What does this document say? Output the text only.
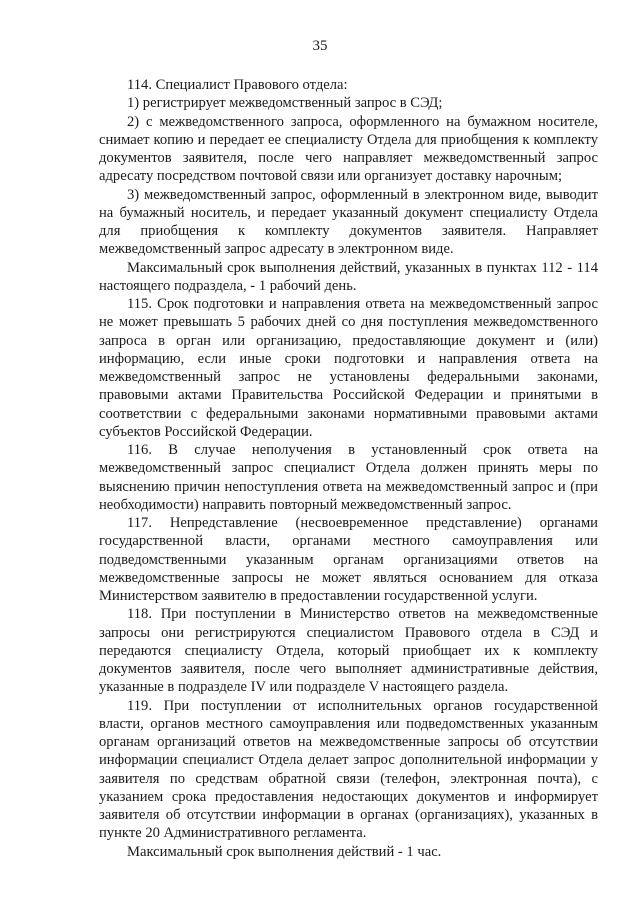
35

114. Специалист Правового отдела:

1) регистрирует межведомственный запрос в СЭД;

2) с межведомственного запроса, оформленного на бумажном носителе, снимает копию и передает ее специалисту Отдела для приобщения к комплекту документов заявителя, после чего направляет межведомственный запрос адресату посредством почтовой связи или организует доставку нарочным;

3) межведомственный запрос, оформленный в электронном виде, выводит на бумажный носитель, и передает указанный документ специалисту Отдела для приобщения к комплекту документов заявителя. Направляет межведомственный запрос адресату в электронном виде.

Максимальный срок выполнения действий, указанных в пунктах 112 - 114 настоящего подраздела, - 1 рабочий день.

115. Срок подготовки и направления ответа на межведомственный запрос не может превышать 5 рабочих дней со дня поступления межведомственного запроса в орган или организацию, предоставляющие документ и (или) информацию, если иные сроки подготовки и направления ответа на межведомственный запрос не установлены федеральными законами, правовыми актами Правительства Российской Федерации и принятыми в соответствии с федеральными законами нормативными правовыми актами субъектов Российской Федерации.

116. В случае неполучения в установленный срок ответа на межведомственный запрос специалист Отдела должен принять меры по выяснению причин непоступления ответа на межведомственный запрос и (при необходимости) направить повторный межведомственный запрос.

117. Непредставление (несвоевременное представление) органами государственной власти, органами местного самоуправления или подведомственными указанным органам организациями ответов на межведомственные запросы не может являться основанием для отказа Министерством заявителю в предоставлении государственной услуги.

118. При поступлении в Министерство ответов на межведомственные запросы они регистрируются специалистом Правового отдела в СЭД и передаются специалисту Отдела, который приобщает их к комплекту документов заявителя, после чего выполняет административные действия, указанные в подразделе IV или подразделе V настоящего раздела.

119. При поступлении от исполнительных органов государственной власти, органов местного самоуправления или подведомственных указанным органам организаций ответов на межведомственные запросы об отсутствии информации специалист Отдела делает запрос дополнительной информации у заявителя по средствам обратной связи (телефон, электронная почта), с указанием срока предоставления недостающих документов и информирует заявителя об отсутствии информации в органах (организациях), указанных в пункте 20 Административного регламента.

Максимальный срок выполнения действий - 1 час.
